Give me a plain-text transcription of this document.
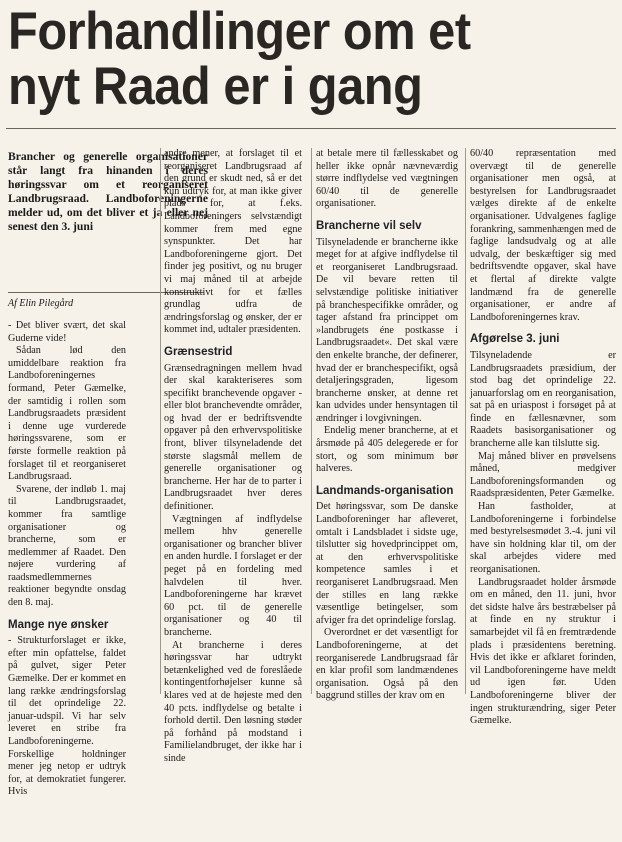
Forhandlinger om et
nyt Raad er i gang
Brancher og generelle organisationer står langt fra hinanden i deres høringssvar om et reorganiseret Landbrugsraad. Landboforeningerne melder ud, om det bliver et ja eller nej senest den 3. juni
Af Elin Pilegård

- Det bliver svært, det skal Guderne vide!

Sådan lød den umiddelbare reaktion fra Landboforeningernes formand, Peter Gæmelke, der samtidig i rollen som Landbrugsraadets præsident i denne uge vurderede høringssvarene, som er første formelle reaktion på forslaget til et reorganiseret Landbrugsraad.

Svarene, der indløb 1. maj til Landbrugsraadet, kommer fra samtlige organisationer og brancherne, som er medlemmer af Raadet. Den nøjere vurdering af raadsmedlemmernes reaktioner begyndte onsdag den 8. maj.

Mange nye ønsker

- Strukturforslaget er ikke, efter min opfattelse, faldet på gulvet, siger Peter Gæmelke. Der er kommet en lang række ændringsforslag til det oprindelige 22. januar-udspil. Vi har selv leveret en stribe fra Landboforeningerne. Forskellige holdninger mener jeg netop er udtryk for, at demokratiet fungerer. Hvis

andre mener, at forslaget til et reorganiseret Landbrugsraad af den grund er skudt ned, så er det kun udtryk for, at man ikke giver plads for, at f.eks. Landboforeningers selvstændigt kommer frem med egne synspunkter. Det har Landboforeningerne gjort. Det finder jeg positivt, og nu bruger vi maj måned til at arbejde konstruktivt for et fælles grundlag udfra de ændringsforslag og ønsker, der er kommet ind, udtaler præsidenten.

Grænsestrid

Grænsedragningen mellem hvad der skal karakteriseres som specifikt branchevende opgaver - eller blot branchevendte områder, og hvad der er bedriftsvendte opgaver på den erhvervspolitiske front, bliver tilsyneladende det største slagsmål mellem de generelle organisationer og brancherne. Her har de to parter i Landbrugsraadet hver deres definitioner.

Vægtningen af indflydelse mellem hhv generelle organisationer og brancher bliver en anden hurdle. I forslaget er der peget på en fordeling med halvdelen til hver. Landboforeningerne har krævet 60 pct. til de generelle organisationer og 40 til brancherne.

At brancherne i deres høringssvar har udtrykt betænkelighed ved de foreslåede kontingentforhøjelser kunne så klares ved at de højeste med den 40 pcts. indflydelse og betalte i forhold dertil. Den løsning støder på forhånd på modstand i Familielandbruget, der ikke har i sinde

at betale mere til fællesskabet og heller ikke opnår nævneværdig større indflydelse ved vægtningen 60/40 til de generelle organisationer.

Brancherne vil selv

Tilsyneladende er brancherne ikke meget for at afgive indflydelse til et reorganiseret Landbrugsraad. De vil bevare retten til selvstændige politiske initiativer på branchespecifikke områder, og tager afstand fra princippet om »landbrugets éne postkasse i Landbrugsraadet«. Det skal være den enkelte branche, der definerer, hvad der er branchespecifikt, også detaljeringsgraden, ligesom brancherne ønsker, at denne ret kan udvides under hensyntagen til ændringer i lovgivningen.

Endelig mener brancherne, at et årsmøde på 405 delegerede er for stort, og som minimum bør halveres.

Landmands-organisation

Det høringssvar, som De danske Landboforeninger har afleveret, omtalt i Landsbladet i sidste uge, tilslutter sig hovedprincippet om, at den erhvervspolitiske kompetence samles i et reorganiseret Landbrugsraad. Men der stilles en lang række væsentlige betingelser, som afviger fra det oprindelige forslag.

Overordnet er det væsentligt for Landboforeningerne, at det reorganiserede Landbrugsraad får en klar profil som landmændenes organisation. Også på den baggrund stilles der krav om en

60/40 repræsentation med overvægt til de generelle organisationer men også, at bestyrelsen for Landbrugsraadet vælges direkte af de enkelte organisationer. Udvalgenes faglige forankring, sammenhængen med de faglige landsudvalg og at alle udvalg, der beskæftiger sig med bedriftsvendte opgaver, skal have et flertal af direkte valgte landmænd fra de generelle organisationer, er andre af Landboforeningernes krav.

Afgørelse 3. juni

Tilsyneladende er Landbrugsraadets præsidium, der stod bag det oprindelige 22. januarforslag om en reorganisation, sat på en uriaspost i forsøget på at finde en fællesnævner, som Raadets basisorganisationer og brancherne alle kan tilslutte sig.

Maj måned bliver en prøvelsens måned, medgiver Landboforeningsformanden og Raadspræsidenten, Peter Gæmelke.

Han fastholder, at Landboforeningerne i forbindelse med bestyrelsesmødet 3.-4. juni vil have sin holdning klar til, om der skal arbejdes videre med reorganisationen.

Landbrugsraadet holder årsmøde om en måned, den 11. juni, hvor det sidste halve års bestræbelser på at finde en ny struktur i samarbejdet vil få en fremtrædende plads i præsidentens beretning. Hvis det ikke er afklaret forinden, vil Landboforeningerne have meldt ud igen før. Uden Landboforeningerne bliver der ingen strukturændring, siger Peter Gæmelke.
